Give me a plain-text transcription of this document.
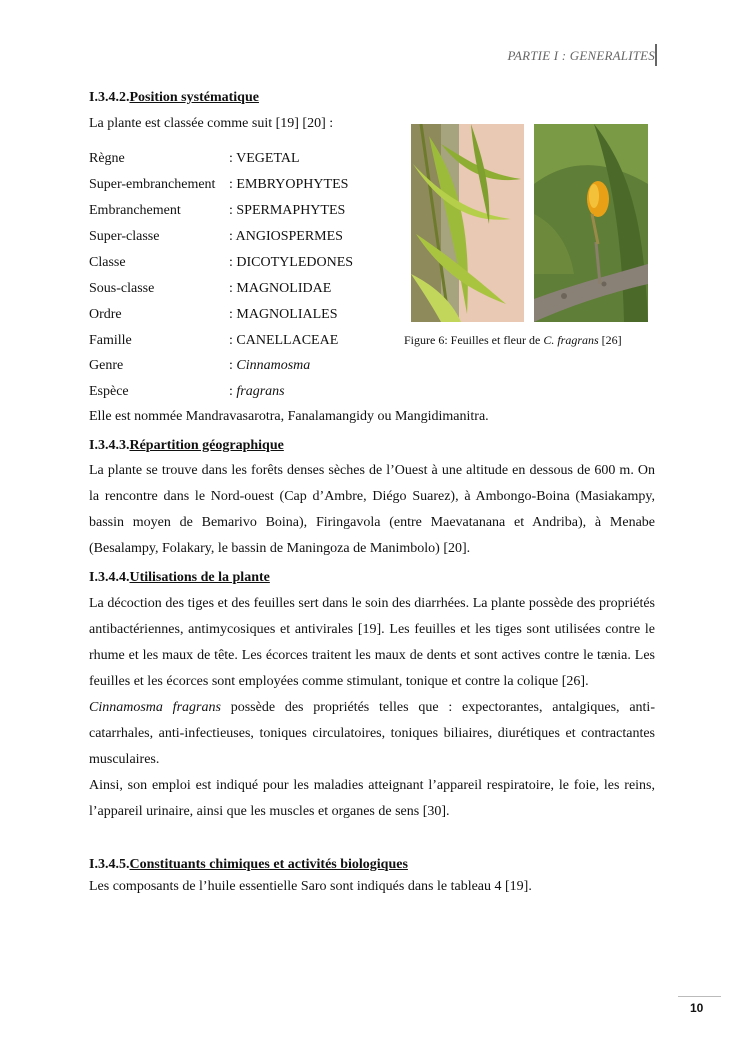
PARTIE I : GENERALITES
I.3.4.2.Position systématique
La plante est classée comme suit [19] [20] :
Règne	: VEGETAL
Super-embranchement : EMBRYOPHYTES
Embranchement	: SPERMAPHYTES
Super-classe	: ANGIOSPERMES
Classe	: DICOTYLEDONES
Sous-classe	: MAGNOLIDAE
Ordre	: MAGNOLIALES
Famille	: CANELLACEAE
Genre	: Cinnamosma
Espèce	: fragrans
Elle est nommée Mandravasarotra, Fanalamangidy ou Mangidimanitra.
Figure 6: Feuilles et fleur de C. fragrans [26]
I.3.4.3.Répartition géographique

La plante se trouve dans les forêts denses sèches de l’Ouest à une altitude en dessous de 600 m. On la rencontre dans le Nord-ouest (Cap d’Ambre, Diégo Suarez), à Ambongo-Boina (Masiakampy, bassin moyen de Bemarivo Boina), Firingavola (entre Maevatanana et Andriba), à Menabe (Besalampy, Folakary, le bassin de Maningoza de Manimbolo) [20].

I.3.4.4.Utilisations de la plante

La décoction des tiges et des feuilles sert dans le soin des diarrhées. La plante possède des propriétés antibactériennes, antimycosiques et antivirales [19]. Les feuilles et les tiges sont utilisées contre le rhume et les maux de tête. Les écorces traitent les maux de dents et sont actives contre le tænia. Les feuilles et les écorces sont employées comme stimulant, tonique et contre la colique [26].

Cinnamosma fragrans possède des propriétés telles que : expectorantes, antalgiques, anti-catarrhales, anti-infectieuses, toniques circulatoires, toniques biliaires, diurétiques et contractantes musculaires.

Ainsi, son emploi est indiqué pour les maladies atteignant l’appareil respiratoire, le foie, les reins, l’appareil urinaire, ainsi que les muscles et organes de sens [30].

I.3.4.5.Constituants chimiques et activités biologiques
Les composants de l’huile essentielle Saro sont indiqués dans le tableau 4 [19].
10
